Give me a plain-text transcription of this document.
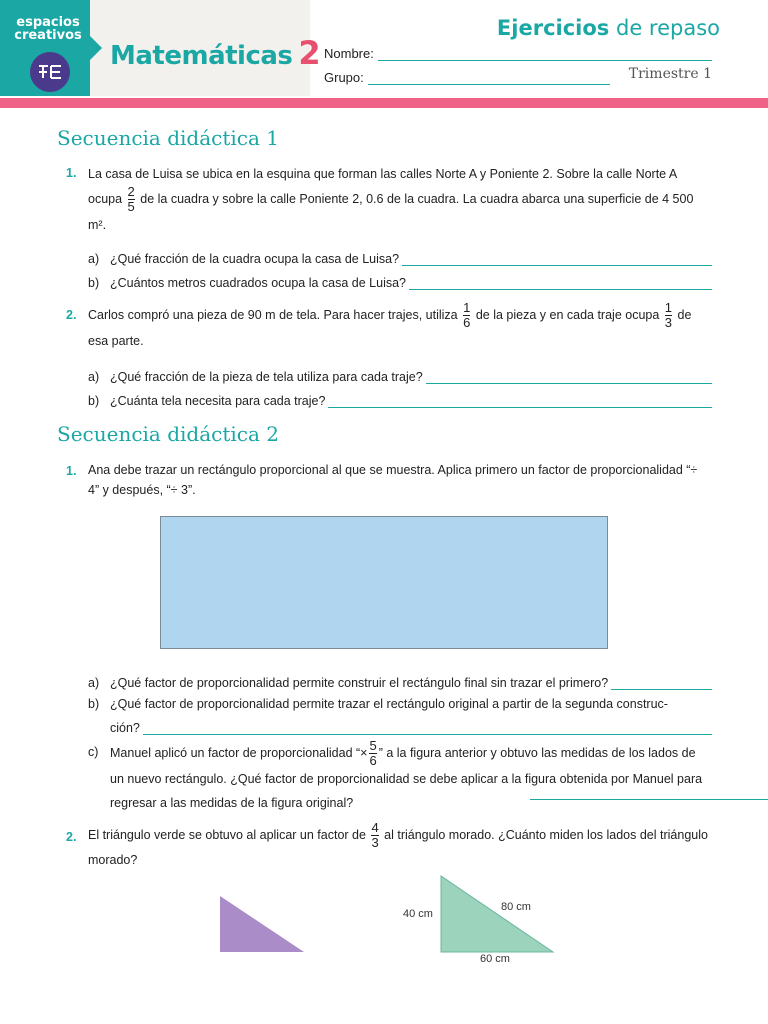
espacios
creativos
Matemáticas 2
Ejercicios de repaso
Nombre:
Grupo:	Trimestre 1
Secuencia didáctica 1
1. La casa de Luisa se ubica en la esquina que forman las calles Norte A y Poniente 2. Sobre la calle Norte A ocupa $\frac{2}{5}$ de la cuadra y sobre la calle Poniente 2, 0.6 de la cuadra. La cuadra abarca una superficie de 4 500 m².
a) ¿Qué fracción de la cuadra ocupa la casa de Luisa?
b) ¿Cuántos metros cuadrados ocupa la casa de Luisa?
2. Carlos compró una pieza de 90 m de tela. Para hacer trajes, utiliza $\frac{1}{6}$ de la pieza y en cada traje ocupa $\frac{1}{3}$ de esa parte.
a) ¿Qué fracción de la pieza de tela utiliza para cada traje?
b) ¿Cuánta tela necesita para cada traje?
Secuencia didáctica 2
1. Ana debe trazar un rectángulo proporcional al que se muestra. Aplica primero un factor de proporcionalidad “÷ 4” y después, “÷ 3”.
a) ¿Qué factor de proporcionalidad permite construir el rectángulo final sin trazar el primero?
b) ¿Qué factor de proporcionalidad permite trazar el rectángulo original a partir de la segunda construc-
ción?
c) Manuel aplicó un factor de proporcionalidad “× $\frac{5}{6}$ ” a la figura anterior y obtuvo las medidas de los lados de un nuevo rectángulo. ¿Qué factor de proporcionalidad se debe aplicar a la figura obtenida por Manuel para regresar a las medidas de la figura original?
2. El triángulo verde se obtuvo al aplicar un factor de $\frac{4}{3}$ al triángulo morado. ¿Cuánto miden los lados del triángulo morado?
40 cm
80 cm
60 cm
